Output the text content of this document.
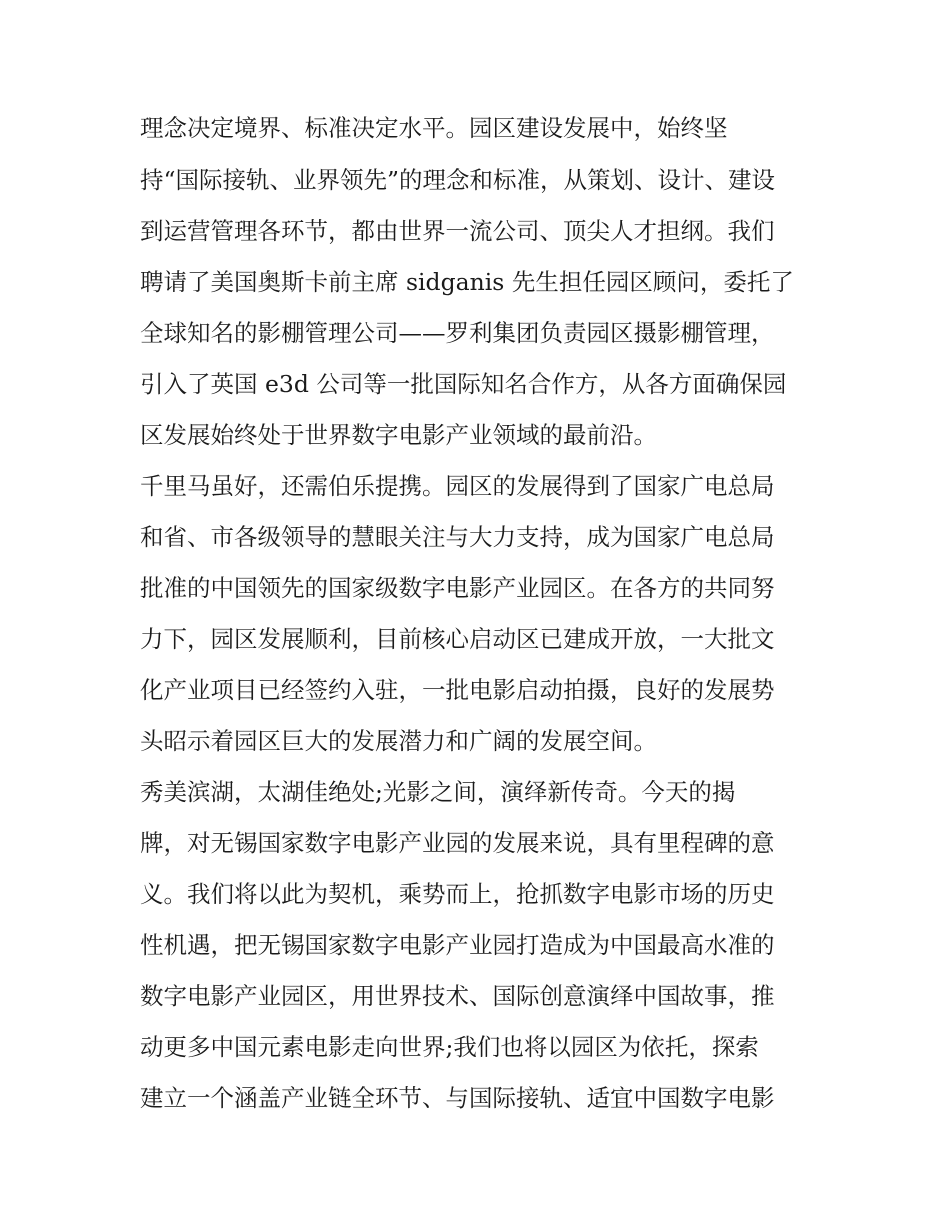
理念决定境界、标准决定水平。园区建设发展中，始终坚
持“国际接轨、业界领先”的理念和标准，从策划、设计、建设
到运营管理各环节，都由世界一流公司、顶尖人才担纲。我们
聘请了美国奥斯卡前主席 sidganis 先生担任园区顾问，委托了
全球知名的影棚管理公司——罗利集团负责园区摄影棚管理，
引入了英国 e3d 公司等一批国际知名合作方，从各方面确保园
区发展始终处于世界数字电影产业领域的最前沿。
千里马虽好，还需伯乐提携。园区的发展得到了国家广电总局
和省、市各级领导的慧眼关注与大力支持，成为国家广电总局
批准的中国领先的国家级数字电影产业园区。在各方的共同努
力下，园区发展顺利，目前核心启动区已建成开放，一大批文
化产业项目已经签约入驻，一批电影启动拍摄，良好的发展势
头昭示着园区巨大的发展潜力和广阔的发展空间。
秀美滨湖，太湖佳绝处;光影之间，演绎新传奇。今天的揭
牌，对无锡国家数字电影产业园的发展来说，具有里程碑的意
义。我们将以此为契机，乘势而上，抢抓数字电影市场的历史
性机遇，把无锡国家数字电影产业园打造成为中国最高水准的
数字电影产业园区，用世界技术、国际创意演绎中国故事，推
动更多中国元素电影走向世界;我们也将以园区为依托，探索
建立一个涵盖产业链全环节、与国际接轨、适宜中国数字电影
